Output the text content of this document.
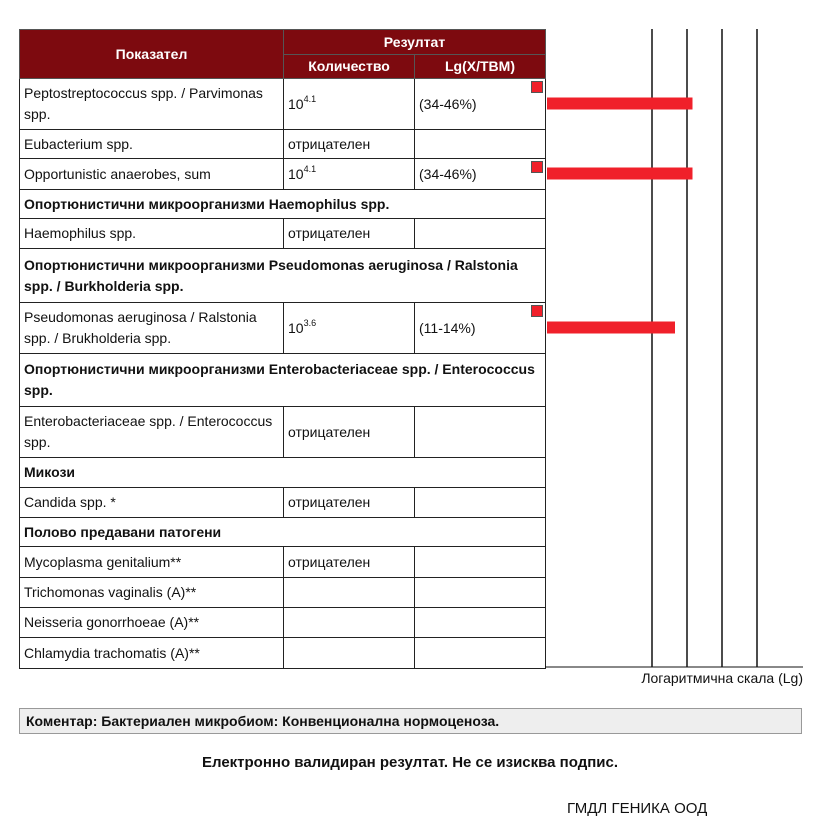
Показател	Резултат	
	Количество	Lg(X/ТВМ)
Peptostreptococcus spp. / Parvimonas spp.	$10^{4.1}$	(34-46%)

Eubacterium spp.	отрицателен	
Opportunistic anaerobes, sum	$10^{4.1}$	(34-46%)

Опортюнистични микроорганизми Haemophilus spp.		
Haemophilus spp.	отрицателен	
Опортюнистични микроорганизми Pseudomonas aeruginosa / Ralstonia spp. / Burkholderia spp.		
Pseudomonas aeruginosa / Ralstonia spp. / Brukholderia spp.	$10^{3.6}$	(11-14%)

Опортюнистични микроорганизми Enterobacteriaceae spp. / Enterococcus spp.		
Enterobacteriaceae spp. / Enterococcus spp.	отрицателен	
Микози		
Candida spp. *	отрицателен	
Полово предавани патогени		
Mycoplasma genitalium**	отрицателен	
Trichomonas vaginalis (A)**		
Neisseria gonorrhoeae (A)**		
Chlamydia trachomatis (A)**		
Логаритмична скала (Lg)
Коментар: Бактериален микробиом: Конвенционална нормоценоза.
Електронно валидиран резултат. Не се изисква подпис.
ГМДЛ ГЕНИКА ООД
